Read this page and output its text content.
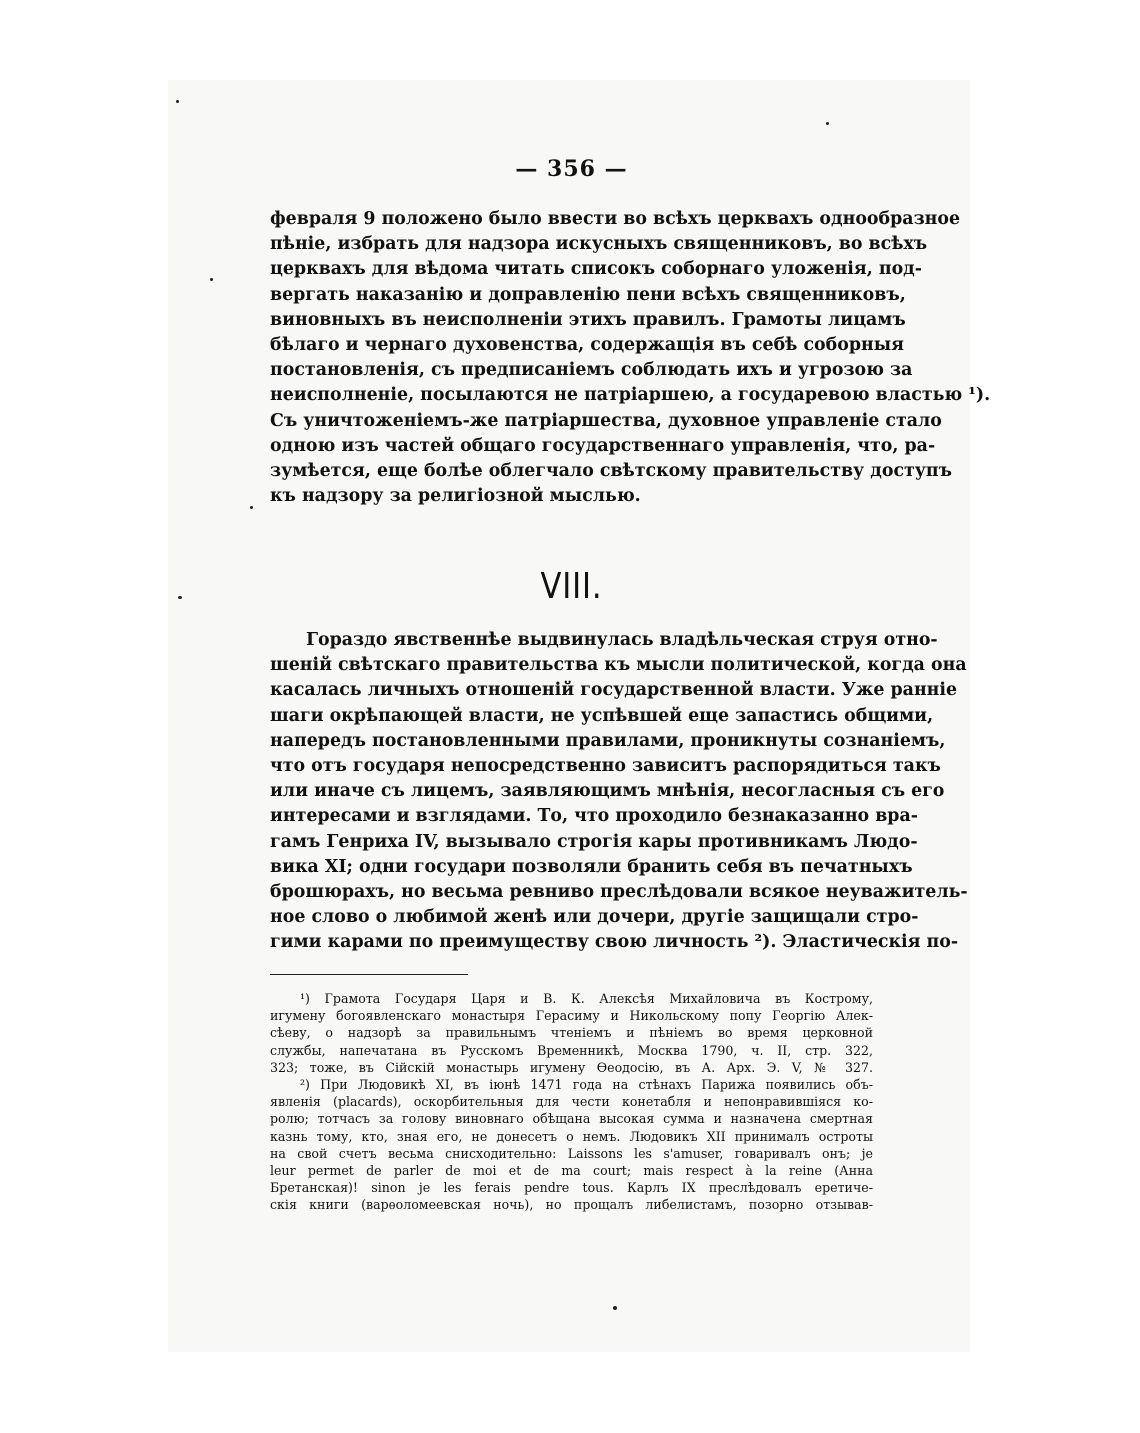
— 356 —
февраля 9 положено было ввести во всѣхъ церквахъ однообразное
пѣніе, избрать для надзора искусныхъ священниковъ, во всѣхъ
церквахъ для вѣдома читать списокъ соборнаго уложенія, под-
вергать наказанію и доправленію пени всѣхъ священниковъ,
виновныхъ въ неисполненіи этихъ правилъ. Грамоты лицамъ
бѣлаго и чернаго духовенства, содержащія въ себѣ соборныя
постановленія, съ предписаніемъ соблюдать ихъ и угрозою за
неисполненіе, посылаются не патріаршею, а государевою властью ¹).
Съ уничтоженіемъ-же патріаршества, духовное управленіе стало
одною изъ частей общаго государственнаго управленія, что, ра-
зумѣется, еще болѣе облегчало свѣтскому правительству доступъ
къ надзору за религіозной мыслью.
VIII.
Гораздо явственнѣе выдвинулась владѣльческая струя отно-
шеній свѣтскаго правительства къ мысли политической, когда она
касалась личныхъ отношеній государственной власти. Уже ранніе
шаги окрѣпающей власти, не успѣвшей еще запастись общими,
напередъ постановленными правилами, проникнуты сознаніемъ,
что отъ государя непосредственно зависитъ распорядиться такъ
или иначе съ лицемъ, заявляющимъ мнѣнія, несогласныя съ его
интересами и взглядами. То, что проходило безнаказанно вра-
гамъ Генриха IV, вызывало строгія кары противникамъ Людо-
вика XI; одни государи позволяли бранить себя въ печатныхъ
брошюрахъ, но весьма ревниво преслѣдовали всякое неуважитель-
ное слово о любимой женѣ или дочери, другіе защищали стро-
гими карами по преимуществу свою личность ²). Эластическія по-
¹) Грамота Государя Царя и В. К. Алексѣя Михайловича въ Кострому,
игумену богоявленскаго монастыря Герасиму и Никольскому попу Георгію Алек-
сѣеву, о надзорѣ за правильнымъ чтеніемъ и пѣніемъ во время церковной
службы, напечатана въ Русскомъ Временникѣ, Москва 1790, ч. II, стр. 322,
323; тоже, въ Сійскій монастырь игумену Ѳеодосію, въ А. Арх. Э. V, № 327.
²) При Людовикѣ XI, въ іюнѣ 1471 года на стѣнахъ Парижа появились объ-
явленія (placards), оскорбительныя для чести конетабля и непонравившіяся ко-
ролю; тотчасъ за голову виновнаго обѣщана высокая сумма и назначена смертная
казнь тому, кто, зная его, не донесетъ о немъ. Людовикъ XII принималъ остроты
на свой счетъ весьма снисходительно: Laissons les s'amuser, говаривалъ онъ; je
leur permet de parler de moi et de ma court; mais respect à la reine (Анна
Бретанская)! sinon je les ferais pendre tous. Карлъ IX преслѣдовалъ еретиче-
скія книги (варѳоломеевская ночь), но прощалъ либелистамъ, позорно отзывав-
